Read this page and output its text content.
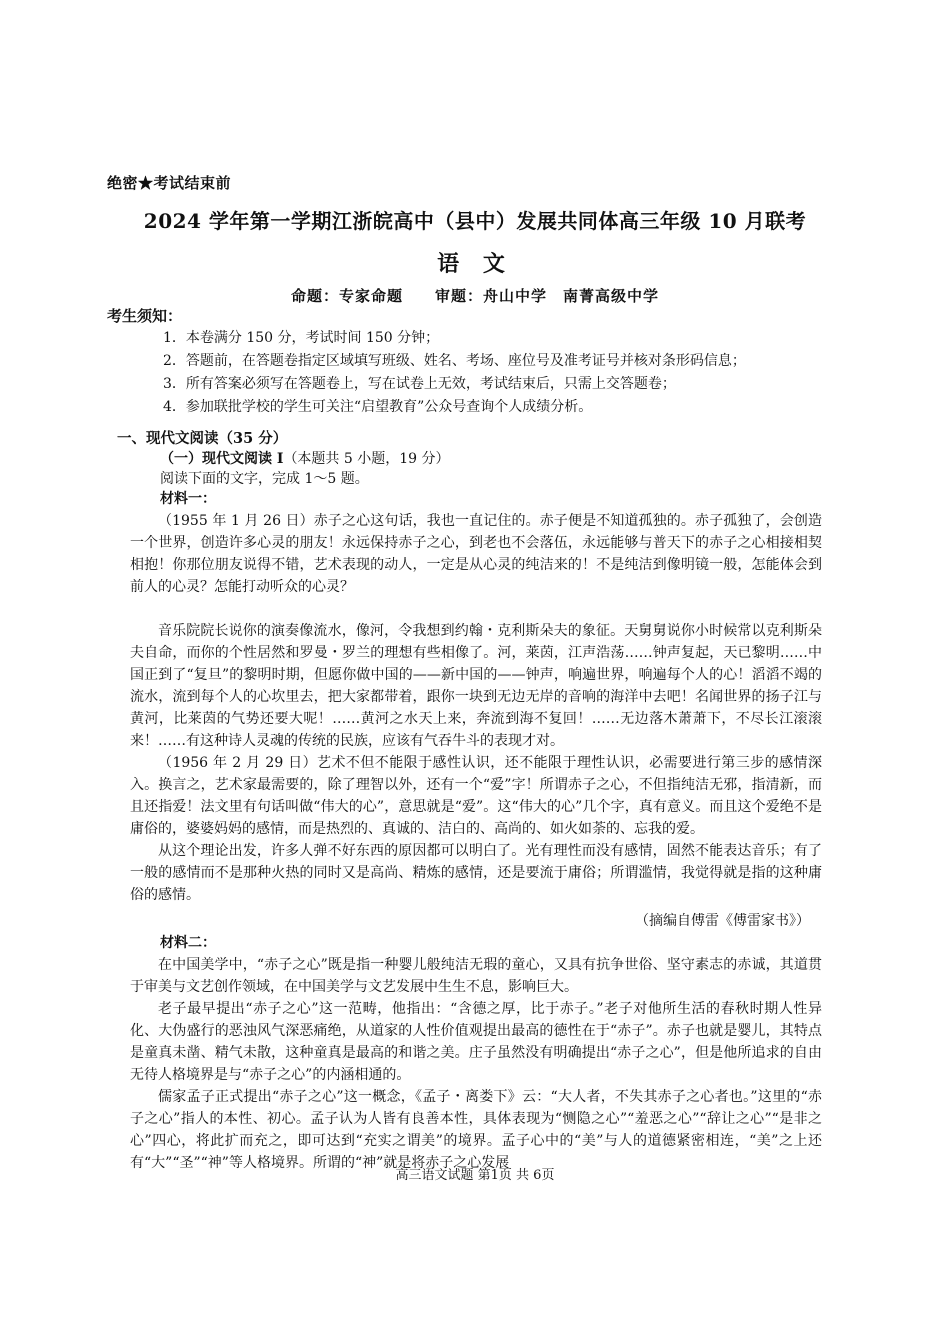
绝密★考试结束前
2024 学年第一学期江浙皖高中（县中）发展共同体高三年级 10 月联考
语 文
命题：专家命题　　审题：舟山中学　南菁高级中学
考生须知：
1．本卷满分 150 分，考试时间 150 分钟；
2．答题前，在答题卷指定区域填写班级、姓名、考场、座位号及准考证号并核对条形码信息；
3．所有答案必须写在答题卷上，写在试卷上无效，考试结束后，只需上交答题卷；
4．参加联批学校的学生可关注“启望教育”公众号查询个人成绩分析。
一、现代文阅读（35 分）
（一）现代文阅读 I（本题共 5 小题，19 分）
阅读下面的文字，完成 1～5 题。
材料一：

（1955 年 1 月 26 日）赤子之心这句话，我也一直记住的。赤子便是不知道孤独的。赤子孤独了，会创造一个世界，创造许多心灵的朋友！永远保持赤子之心，到老也不会落伍，永远能够与普天下的赤子之心相接相契相抱！你那位朋友说得不错，艺术表现的动人，一定是从心灵的纯洁来的！不是纯洁到像明镜一般，怎能体会到前人的心灵？怎能打动听众的心灵？

音乐院院长说你的演奏像流水，像河，令我想到约翰・克利斯朵夫的象征。天舅舅说你小时候常以克利斯朵夫自命，而你的个性居然和罗曼・罗兰的理想有些相像了。河，莱茵，江声浩荡……钟声复起，天已黎明……中国正到了“复旦”的黎明时期，但愿你做中国的——新中国的——钟声，响遍世界，响遍每个人的心！滔滔不竭的流水，流到每个人的心坎里去，把大家都带着，跟你一块到无边无岸的音响的海洋中去吧！名闻世界的扬子江与黄河，比莱茵的气势还要大呢！……黄河之水天上来，奔流到海不复回！……无边落木萧萧下，不尽长江滚滚来！……有这种诗人灵魂的传统的民族，应该有气吞牛斗的表现才对。

（1956 年 2 月 29 日）艺术不但不能限于感性认识，还不能限于理性认识，必需要进行第三步的感情深入。换言之，艺术家最需要的，除了理智以外，还有一个“爱”字！所谓赤子之心，不但指纯洁无邪，指清新，而且还指爱！法文里有句话叫做“伟大的心”，意思就是“爱”。这“伟大的心”几个字，真有意义。而且这个爱绝不是庸俗的，婆婆妈妈的感情，而是热烈的、真诚的、洁白的、高尚的、如火如荼的、忘我的爱。

从这个理论出发，许多人弹不好东西的原因都可以明白了。光有理性而没有感情，固然不能表达音乐；有了一般的感情而不是那种火热的同时又是高尚、精炼的感情，还是要流于庸俗；所谓滥情，我觉得就是指的这种庸俗的感情。

（摘编自傅雷《傅雷家书》）
材料二：

在中国美学中，“赤子之心”既是指一种婴儿般纯洁无瑕的童心，又具有抗争世俗、坚守素志的赤诚，其道贯于审美与文艺创作领域，在中国美学与文艺发展中生生不息，影响巨大。

老子最早提出“赤子之心”这一范畴，他指出：“含德之厚，比于赤子。”老子对他所生活的春秋时期人性异化、大伪盛行的恶浊风气深恶痛绝，从道家的人性价值观提出最高的德性在于“赤子”。赤子也就是婴儿，其特点是童真未凿、精气未散，这种童真是最高的和谐之美。庄子虽然没有明确提出“赤子之心”，但是他所追求的自由无待人格境界是与“赤子之心”的内涵相通的。

儒家孟子正式提出“赤子之心”这一概念，《孟子・离娄下》云：“大人者，不失其赤子之心者也。”这里的“赤子之心”指人的本性、初心。孟子认为人皆有良善本性，具体表现为“恻隐之心”“羞恶之心”“辞让之心”“是非之心”四心，将此扩而充之，即可达到“充实之谓美”的境界。孟子心中的“美”与人的道德紧密相连，“美”之上还有“大”“圣”“神”等人格境界。所谓的“神”就是将赤子之心发展

高三语文试题 第1页 共 6页
